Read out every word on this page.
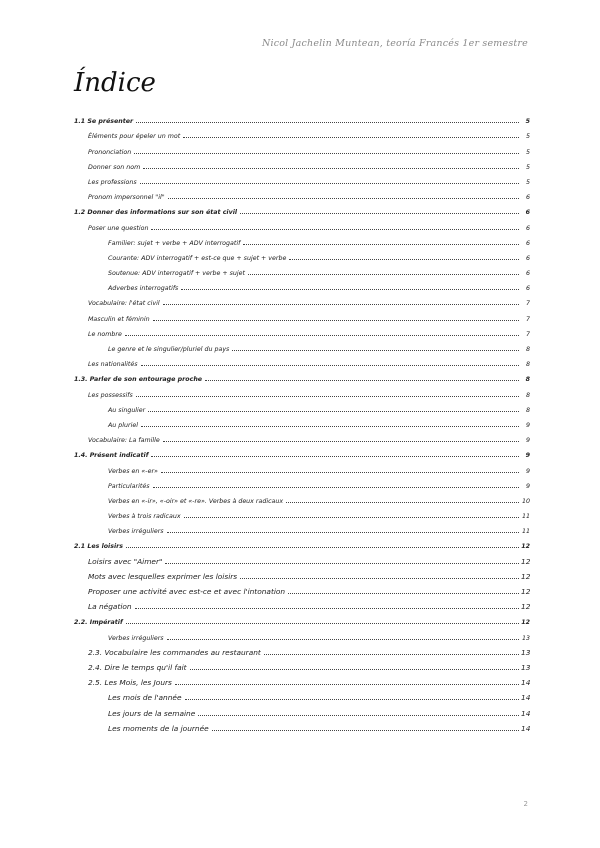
Nicol Jachelin Muntean, teoría Francés 1er semestre
Índice
1.1 Se présenter	5
Éléments pour épeler un mot	5
Prononciation	5
Donner son nom	5
Les professions	5
Pronom impersonnel "il"	6
1.2 Donner des informations sur son état civil	6
Poser une question	6
Familier: sujet + verbe + ADV interrogatif	6
Courante: ADV interrogatif + est-ce que + sujet + verbe	6
Soutenue: ADV interrogatif + verbe + sujet	6
Adverbes interrogatifs	6
Vocabulaire: l'état civil	7
Masculin et féminin	7
Le nombre	7
Le genre et le singulier/pluriel du pays	8
Les nationalités	8
1.3. Parler de son entourage proche	8
Les possessifs	8
Au singulier	8
Au pluriel	9
Vocabulaire: La famille	9
1.4. Présent indicatif	9
Verbes en «-er»	9
Particularités	9
Verbes en «-ir», «-oir» et «-re». Verbes à deux radicaux	10
Verbes à trois radicaux	11
Verbes irréguliers	11
2.1 Les loisirs	12
Loisirs avec "Aimer"	12
Mots avec lesquelles exprimer les loisirs	12
Proposer une activité avec est-ce et avec l'intonation	12
La négation	12
2.2. Impératif	12
Verbes irréguliers	13
2.3. Vocabulaire les commandes au restaurant	13
2.4. Dire le temps qu'il fait	13
2.5. Les Mois, les Jours	14
Les mois de l'année	14
Les jours de la semaine	14
Les moments de la journée	14
2
